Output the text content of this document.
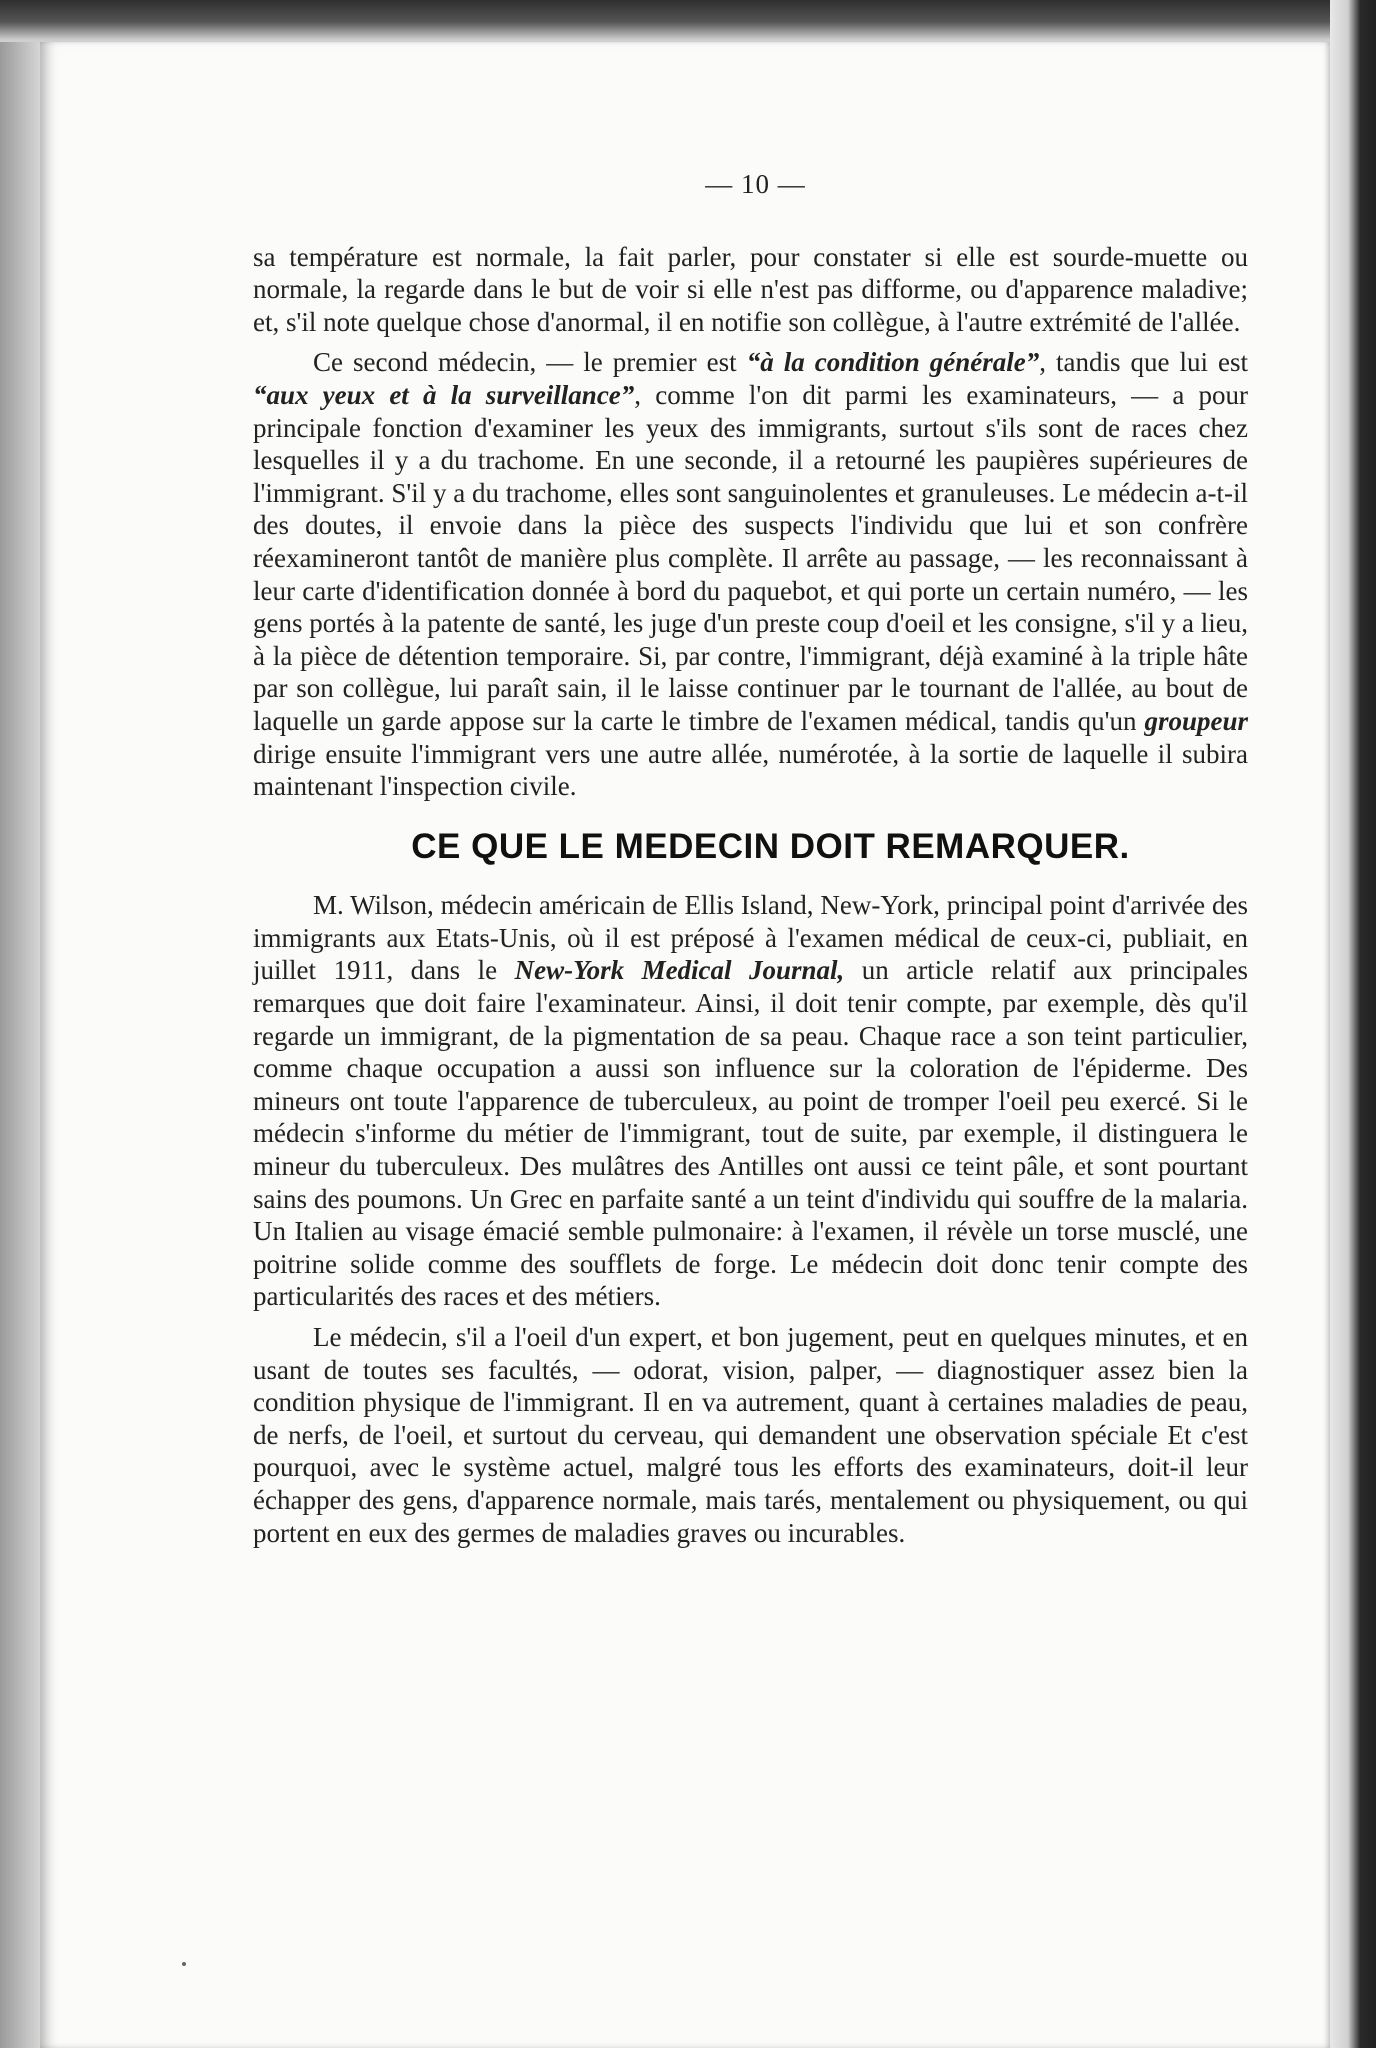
— 10 —

sa température est normale, la fait parler, pour constater si elle est sourde-muette ou normale, la regarde dans le but de voir si elle n'est pas difforme, ou d'apparence maladive; et, s'il note quelque chose d'anormal, il en notifie son collègue, à l'autre extrémité de l'allée.

Ce second médecin, — le premier est “à la condition générale”, tandis que lui est “aux yeux et à la surveillance”, comme l'on dit parmi les examinateurs, — a pour principale fonction d'examiner les yeux des immigrants, surtout s'ils sont de races chez lesquelles il y a du trachome. En une seconde, il a retourné les paupières supérieures de l'immigrant. S'il y a du trachome, elles sont sanguinolentes et granuleuses. Le médecin a-t-il des doutes, il envoie dans la pièce des suspects l'individu que lui et son confrère réexamineront tantôt de manière plus complète. Il arrête au passage, — les reconnaissant à leur carte d'identification donnée à bord du paquebot, et qui porte un certain numéro, — les gens portés à la patente de santé, les juge d'un preste coup d'oeil et les consigne, s'il y a lieu, à la pièce de détention temporaire. Si, par contre, l'immigrant, déjà examiné à la triple hâte par son collègue, lui paraît sain, il le laisse continuer par le tournant de l'allée, au bout de laquelle un garde appose sur la carte le timbre de l'examen médical, tandis qu'un groupeur dirige ensuite l'immigrant vers une autre allée, numérotée, à la sortie de laquelle il subira maintenant l'inspection civile.

CE QUE LE MEDECIN DOIT REMARQUER.

M. Wilson, médecin américain de Ellis Island, New-York, principal point d'arrivée des immigrants aux Etats-Unis, où il est préposé à l'examen médical de ceux-ci, publiait, en juillet 1911, dans le New-York Medical Journal, un article relatif aux principales remarques que doit faire l'examinateur. Ainsi, il doit tenir compte, par exemple, dès qu'il regarde un immigrant, de la pigmentation de sa peau. Chaque race a son teint particulier, comme chaque occupation a aussi son influence sur la coloration de l'épiderme. Des mineurs ont toute l'apparence de tuberculeux, au point de tromper l'oeil peu exercé. Si le médecin s'informe du métier de l'immigrant, tout de suite, par exemple, il distinguera le mineur du tuberculeux. Des mulâtres des Antilles ont aussi ce teint pâle, et sont pourtant sains des poumons. Un Grec en parfaite santé a un teint d'individu qui souffre de la malaria. Un Italien au visage émacié semble pulmonaire: à l'examen, il révèle un torse musclé, une poitrine solide comme des soufflets de forge. Le médecin doit donc tenir compte des particularités des races et des métiers.

Le médecin, s'il a l'oeil d'un expert, et bon jugement, peut en quelques minutes, et en usant de toutes ses facultés, — odorat, vision, palper, — diagnostiquer assez bien la condition physique de l'immigrant. Il en va autrement, quant à certaines maladies de peau, de nerfs, de l'oeil, et surtout du cerveau, qui demandent une observation spéciale Et c'est pourquoi, avec le système actuel, malgré tous les efforts des examinateurs, doit-il leur échapper des gens, d'apparence normale, mais tarés, mentalement ou physiquement, ou qui portent en eux des germes de maladies graves ou incurables.
